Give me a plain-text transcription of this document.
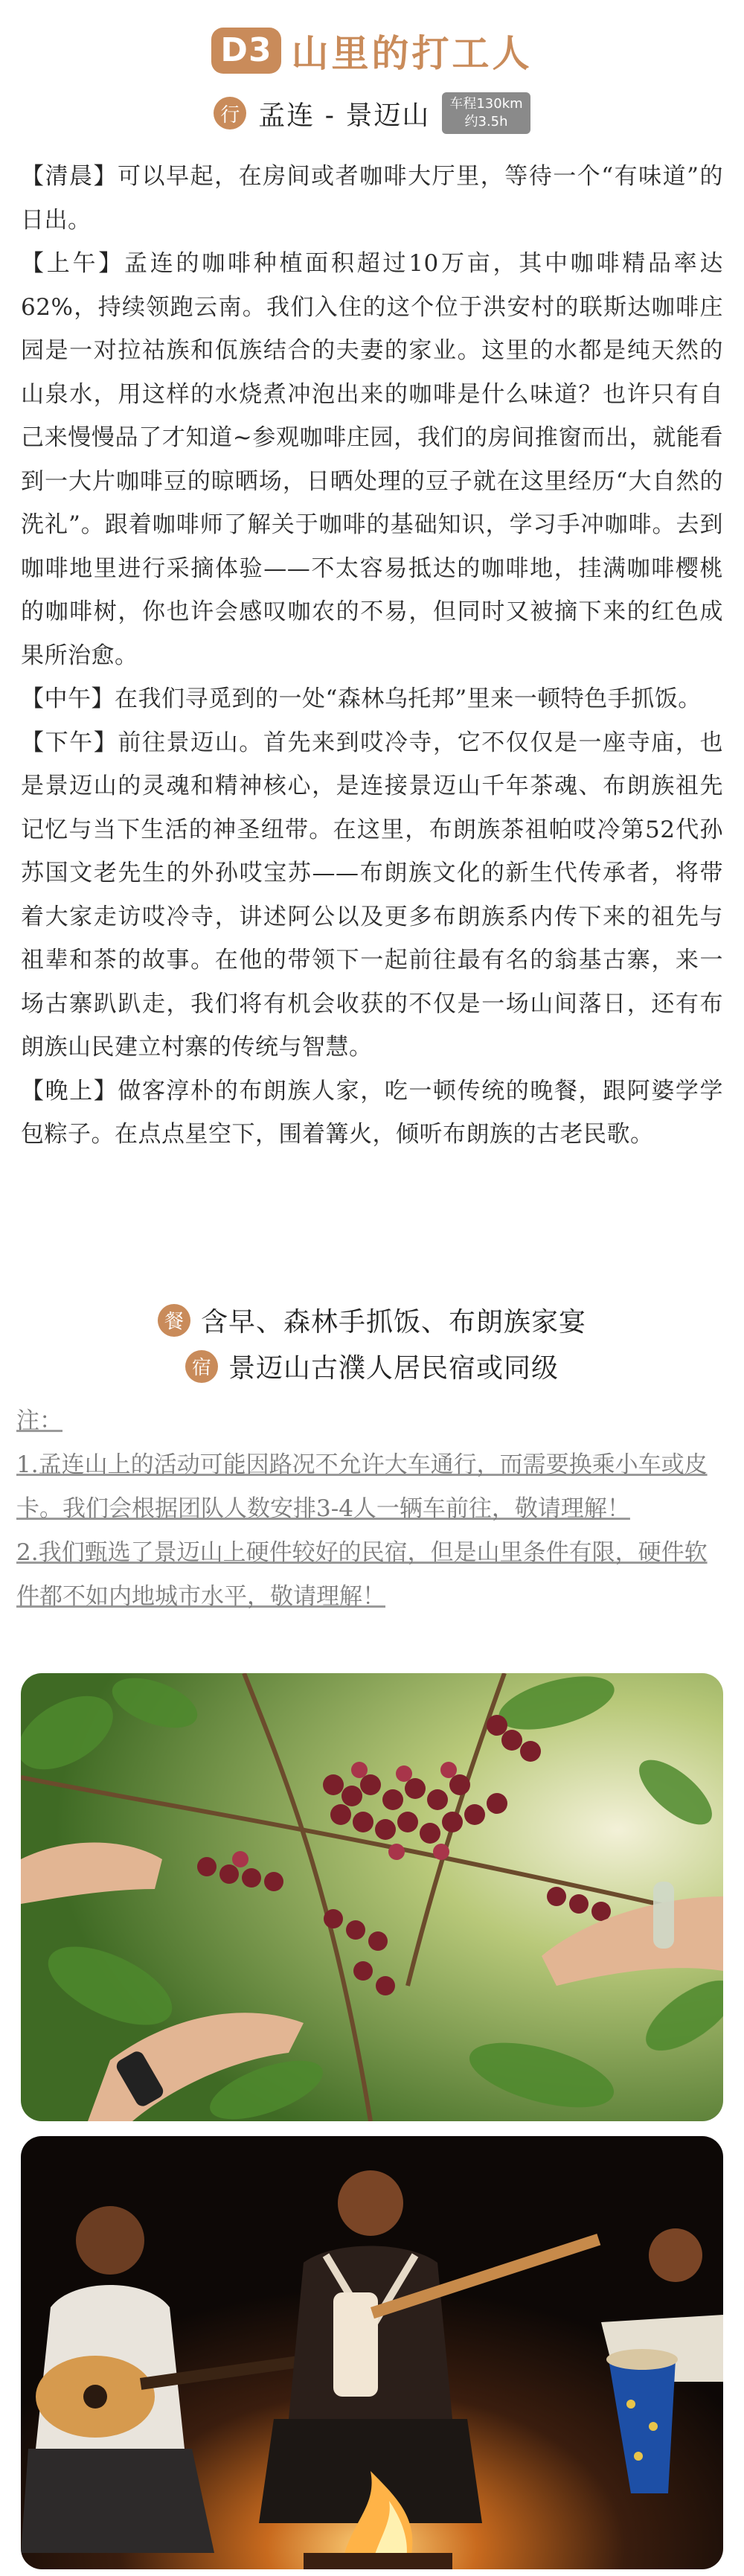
D3 山里的打工人
行 孟连 - 景迈山 车程130km
约3.5h

【清晨】可以早起，在房间或者咖啡大厅里，等待一个“有味道”的日出。

【上午】孟连的咖啡种植面积超过10万亩，其中咖啡精品率达62%，持续领跑云南。我们入住的这个位于洪安村的联斯达咖啡庄园是一对拉祜族和佤族结合的夫妻的家业。这里的水都是纯天然的山泉水，用这样的水烧煮冲泡出来的咖啡是什么味道？也许只有自己来慢慢品了才知道~参观咖啡庄园，我们的房间推窗而出，就能看到一大片咖啡豆的晾晒场，日晒处理的豆子就在这里经历“大自然的洗礼”。跟着咖啡师了解关于咖啡的基础知识，学习手冲咖啡。去到咖啡地里进行采摘体验——不太容易抵达的咖啡地，挂满咖啡樱桃的咖啡树，你也许会感叹咖农的不易，但同时又被摘下来的红色成果所治愈。

【中午】在我们寻觅到的一处“森林乌托邦”里来一顿特色手抓饭。

【下午】前往景迈山。首先来到哎冷寺，它不仅仅是一座寺庙，也是景迈山的灵魂和精神核心，是连接景迈山千年茶魂、布朗族祖先记忆与当下生活的神圣纽带。在这里，布朗族茶祖帕哎冷第52代孙苏国文老先生的外孙哎宝苏——布朗族文化的新生代传承者，将带着大家走访哎冷寺，讲述阿公以及更多布朗族系内传下来的祖先与祖辈和茶的故事。在他的带领下一起前往最有名的翁基古寨，来一场古寨趴趴走，我们将有机会收获的不仅是一场山间落日，还有布朗族山民建立村寨的传统与智慧。

【晚上】做客淳朴的布朗族人家，吃一顿传统的晚餐，跟阿婆学学包粽子。在点点星空下，围着篝火，倾听布朗族的古老民歌。

餐 含早、森林手抓饭、布朗族家宴
宿 景迈山古濮人居民宿或同级

注：

1.孟连山上的活动可能因路况不允许大车通行，而需要换乘小车或皮卡。我们会根据团队人数安排3-4人一辆车前往，敬请理解！

2.我们甄选了景迈山上硬件较好的民宿，但是山里条件有限，硬件软件都不如内地城市水平，敬请理解！
